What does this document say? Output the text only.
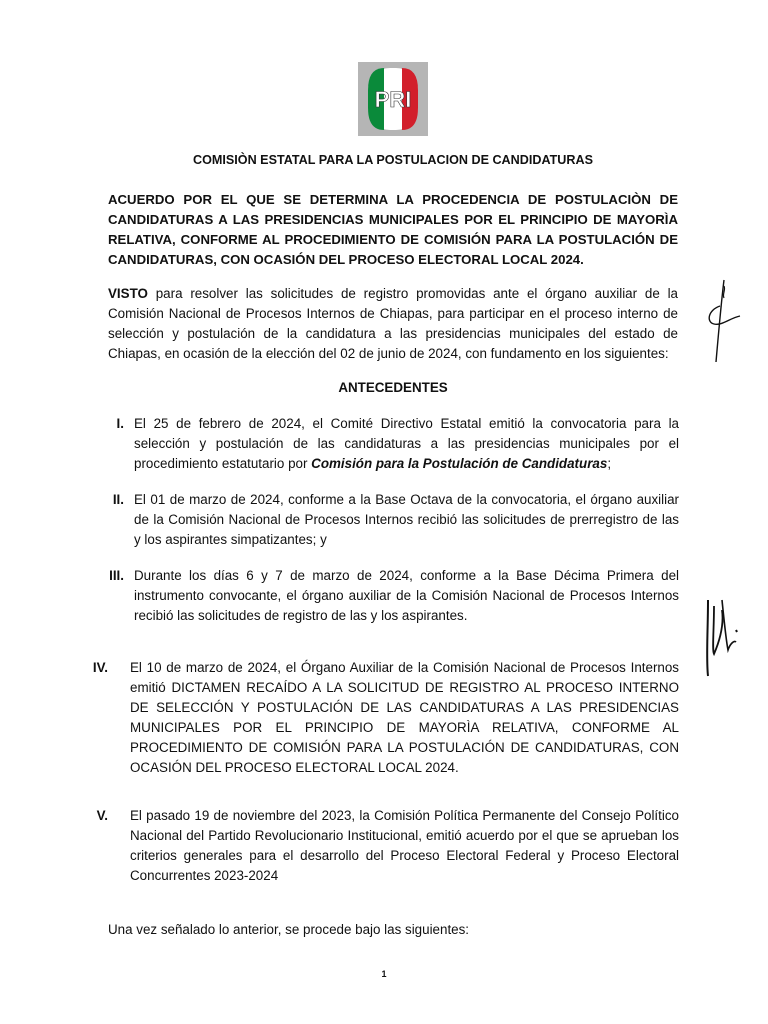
PRI
COMISIÒN ESTATAL PARA LA POSTULACION DE CANDIDATURAS
ACUERDO POR EL QUE SE DETERMINA LA PROCEDENCIA DE POSTULACIÒN DE CANDIDATURAS A LAS PRESIDENCIAS MUNICIPALES POR EL PRINCIPIO DE MAYORÌA RELATIVA, CONFORME AL PROCEDIMIENTO DE COMISIÓN PARA LA POSTULACIÓN DE CANDIDATURAS, CON OCASIÓN DEL PROCESO ELECTORAL LOCAL 2024.
VISTO para resolver las solicitudes de registro promovidas ante el órgano auxiliar de la Comisión Nacional de Procesos Internos de Chiapas, para participar en el proceso interno de selección y postulación de la candidatura a las presidencias municipales del estado de Chiapas, en ocasión de la elección del 02 de junio de 2024, con fundamento en los siguientes:
ANTECEDENTES
I. El 25 de febrero de 2024, el Comité Directivo Estatal emitió la convocatoria para la selección y postulación de las candidaturas a las presidencias municipales por el procedimiento estatutario por Comisión para la Postulación de Candidaturas;
II. El 01 de marzo de 2024, conforme a la Base Octava de la convocatoria, el órgano auxiliar de la Comisión Nacional de Procesos Internos recibió las solicitudes de prerregistro de las y los aspirantes simpatizantes; y
III. Durante los días 6 y 7 de marzo de 2024, conforme a la Base Décima Primera del instrumento convocante, el órgano auxiliar de la Comisión Nacional de Procesos Internos recibió las solicitudes de registro de las y los aspirantes.
IV. El 10 de marzo de 2024, el Órgano Auxiliar de la Comisión Nacional de Procesos Internos emitió DICTAMEN RECAÍDO A LA SOLICITUD DE REGISTRO AL PROCESO INTERNO DE SELECCIÓN Y POSTULACIÓN DE LAS CANDIDATURAS A LAS PRESIDENCIAS MUNICIPALES POR EL PRINCIPIO DE MAYORÌA RELATIVA, CONFORME AL PROCEDIMIENTO DE COMISIÓN PARA LA POSTULACIÓN DE CANDIDATURAS, CON OCASIÓN DEL PROCESO ELECTORAL LOCAL 2024.
V. El pasado 19 de noviembre del 2023, la Comisión Política Permanente del Consejo Político Nacional del Partido Revolucionario Institucional, emitió acuerdo por el que se aprueban los criterios generales para el desarrollo del Proceso Electoral Federal y Proceso Electoral Concurrentes 2023-2024
Una vez señalado lo anterior, se procede bajo las siguientes:
1
